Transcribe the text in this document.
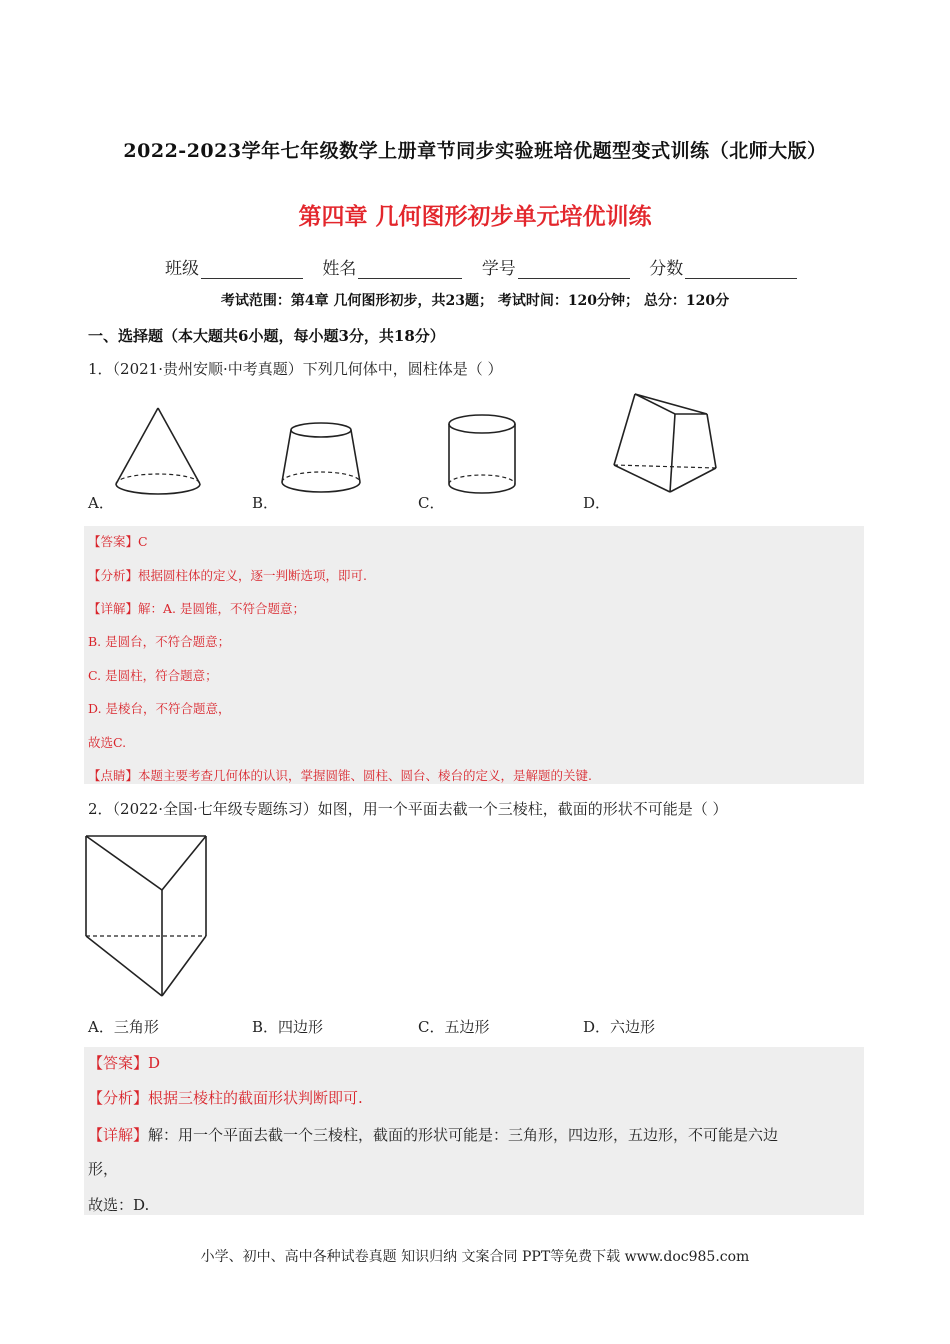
2022-2023学年七年级数学上册章节同步实验班培优题型变式训练（北师大版）
第四章 几何图形初步单元培优训练
班级	姓名	学号	分数
考试范围：第4章 几何图形初步，共23题； 考试时间：120分钟； 总分：120分
一、选择题（本大题共6小题，每小题3分，共18分）
1．（2021·贵州安顺·中考真题）下列几何体中，圆柱体是（ ）
A．	B．	C．	D．
【答案】C
【分析】根据圆柱体的定义，逐一判断选项，即可.
【详解】解：A. 是圆锥，不符合题意；
B. 是圆台，不符合题意；
C. 是圆柱，符合题意；
D. 是棱台，不符合题意，
故选C.
【点睛】本题主要考查几何体的认识，掌握圆锥、圆柱、圆台、棱台的定义，是解题的关键.
2．（2022·全国·七年级专题练习）如图，用一个平面去截一个三棱柱，截面的形状不可能是（ ）
A．三角形	B．四边形	C．五边形	D．六边形
【答案】D
【分析】根据三棱柱的截面形状判断即可.
【详解】解：用一个平面去截一个三棱柱，截面的形状可能是：三角形，四边形，五边形，不可能是六边
形，
故选：D.
小学、初中、高中各种试卷真题 知识归纳 文案合同 PPT等免费下载 www.doc985.com
